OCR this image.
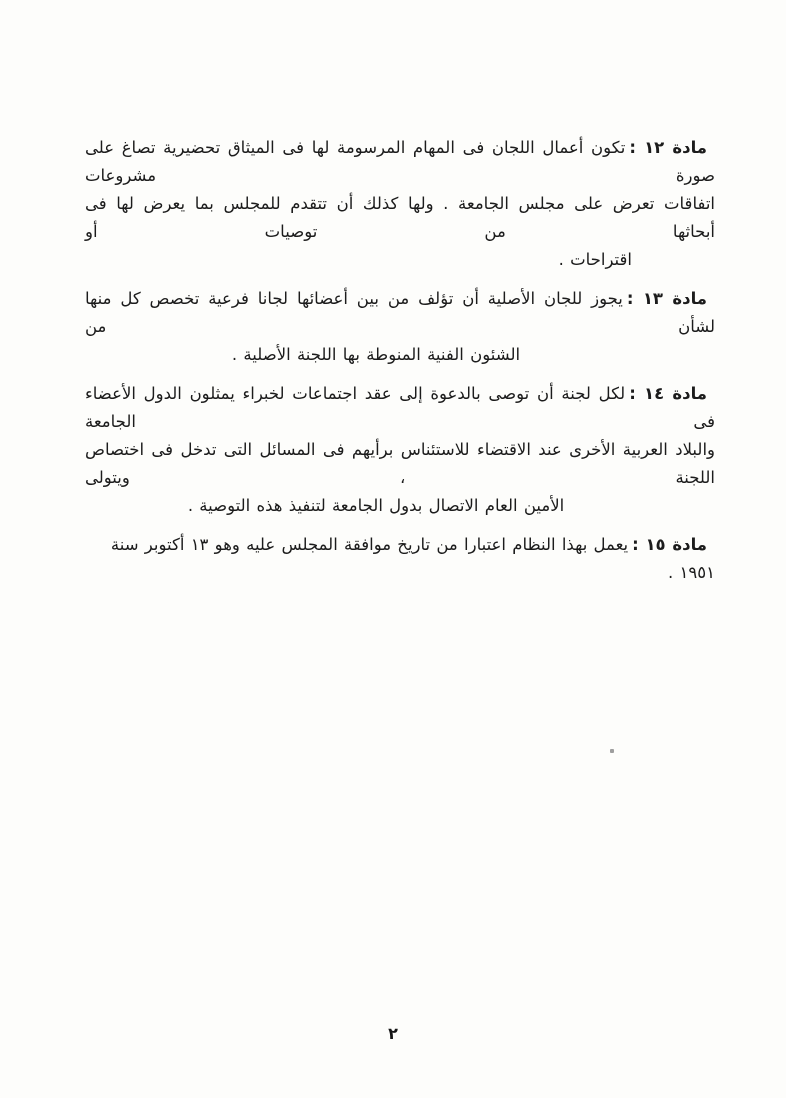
مادة ١٢ :تكون أعمال اللجان فى المهام المرسومة لها فى الميثاق تحضيرية تصاغ على صورة مشروعات

اتفاقات تعرض على مجلس الجامعة . ولها كذلك أن تتقدم للمجلس بما يعرض لها فى أبحاثها من توصيات أو

اقتراحات .

مادة ١٣ :يجوز للجان الأصلية أن تؤلف من بين أعضائها لجانا فرعية تخصص كل منها لشأن من

الشئون الفنية المنوطة بها اللجنة الأصلية .

مادة ١٤ :لكل لجنة أن توصى بالدعوة إلى عقد اجتماعات لخبراء يمثلون الدول الأعضاء فى الجامعة

والبلاد العربية الأخرى عند الاقتضاء للاستئناس برأيهم فى المسائل التى تدخل فى اختصاص اللجنة ، ويتولى

الأمين العام الاتصال بدول الجامعة لتنفيذ هذه التوصية .

مادة ١٥ :يعمل بهذا النظام اعتبارا من تاريخ موافقة المجلس عليه وهو ١٣ أكتوبر سنة ١٩٥١ .

٢
